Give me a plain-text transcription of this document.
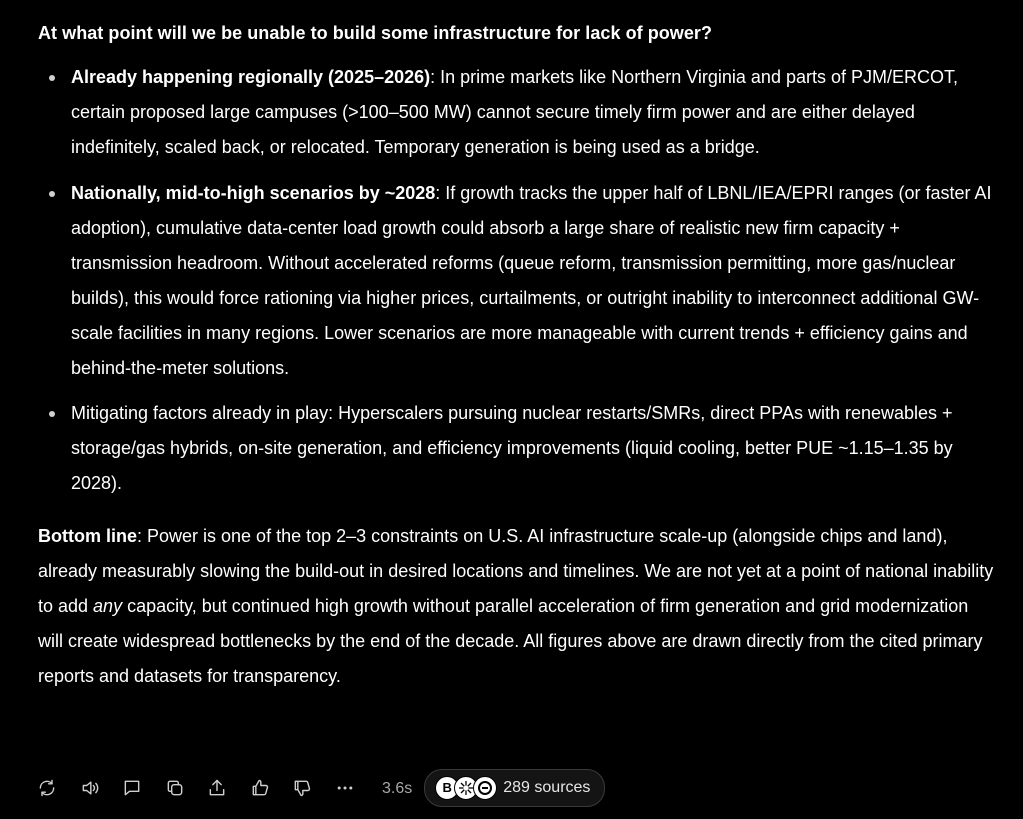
At what point will we be unable to build some infrastructure for lack of power?
Already happening regionally (2025–2026): In prime markets like Northern Virginia and parts of PJM/ERCOT, certain proposed large campuses (>100–500 MW) cannot secure timely firm power and are either delayed indefinitely, scaled back, or relocated. Temporary generation is being used as a bridge.
Nationally, mid-to-high scenarios by ~2028: If growth tracks the upper half of LBNL/IEA/EPRI ranges (or faster AI adoption), cumulative data-center load growth could absorb a large share of realistic new firm capacity + transmission headroom. Without accelerated reforms (queue reform, transmission permitting, more gas/nuclear builds), this would force rationing via higher prices, curtailments, or outright inability to interconnect additional GW-scale facilities in many regions. Lower scenarios are more manageable with current trends + efficiency gains and behind-the-meter solutions.
Mitigating factors already in play: Hyperscalers pursuing nuclear restarts/SMRs, direct PPAs with renewables + storage/gas hybrids, on-site generation, and efficiency improvements (liquid cooling, better PUE ~1.15–1.35 by 2028).
Bottom line: Power is one of the top 2–3 constraints on U.S. AI infrastructure scale-up (alongside chips and land), already measurably slowing the build-out in desired locations and timelines. We are not yet at a point of national inability to add any capacity, but continued high growth without parallel acceleration of firm generation and grid modernization will create widespread bottlenecks by the end of the decade. All figures above are drawn directly from the cited primary reports and datasets for transparency.
3.6s	B	289 sources
